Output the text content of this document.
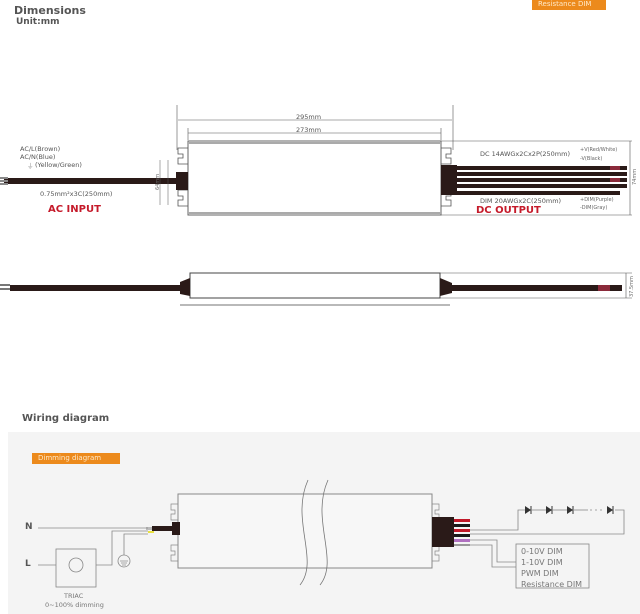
Dimensions
Unit:mm
Resistance DIM
AC/L(Brown)
AC/N(Blue)
⏚ (Yellow/Green)
0.75mm²x3C(250mm)
AC INPUT
295mm
273mm
64mm	74mm
37.5mm
DC 14AWGx2Cx2P(250mm) +V(Red/White)
-V(Black)
DIM 20AWGx2C(250mm)	+DIM(Purple)
-DIM(Gray)
DC OUTPUT
Wiring diagram
Dimming diagram
N
L
TRIAC
0~100% dimming
0-10V DIM
1-10V DIM
PWM DIM
Resistance DIM
